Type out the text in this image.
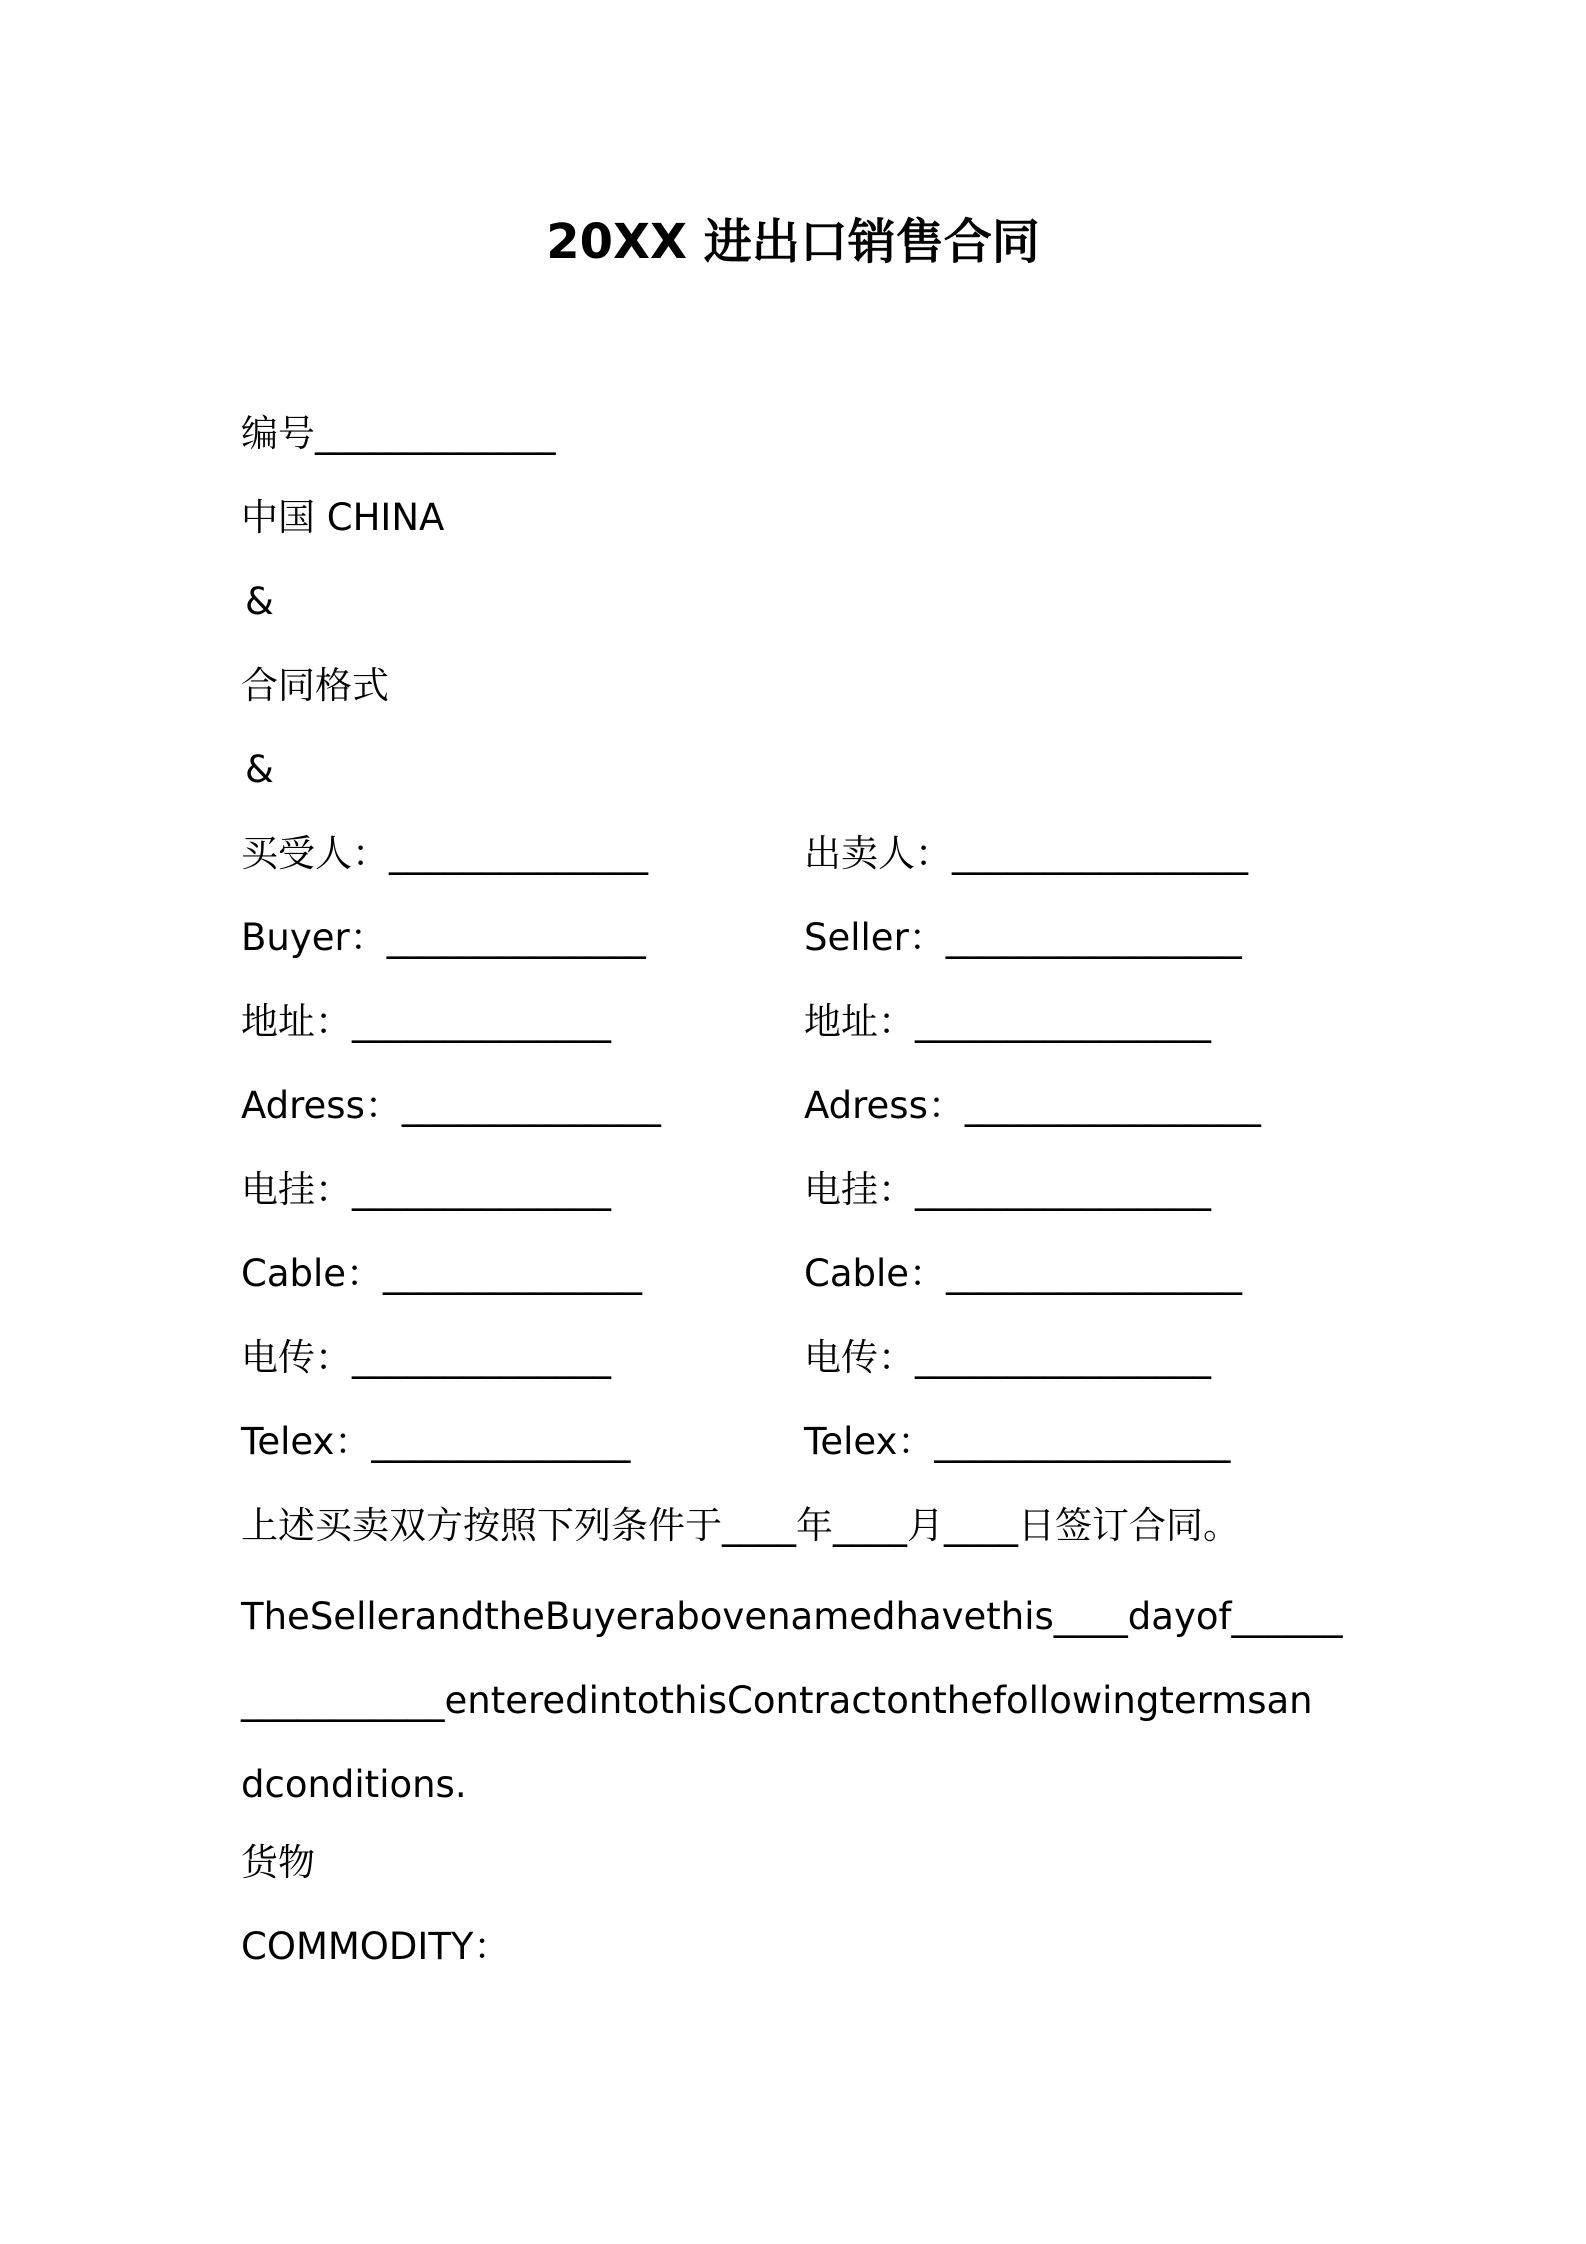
20XX 进出口销售合同
编号_____________
中国 CHINA
&
合同格式
&
买受人：______________
Buyer：______________
地址：______________
Adress：______________
电挂：______________
Cable：______________
电传：______________
Telex：______________
出卖人：________________
Seller：________________
地址：________________
Adress：________________
电挂：________________
Cable：________________
电传：________________
Telex：________________
上述买卖双方按照下列条件于____年____月____日签订合同。
TheSellerandtheBuyerabovenamedhavethis____dayof______
___________enteredintothisContractonthefollowingtermsan
dconditions.
货物
COMMODITY：
